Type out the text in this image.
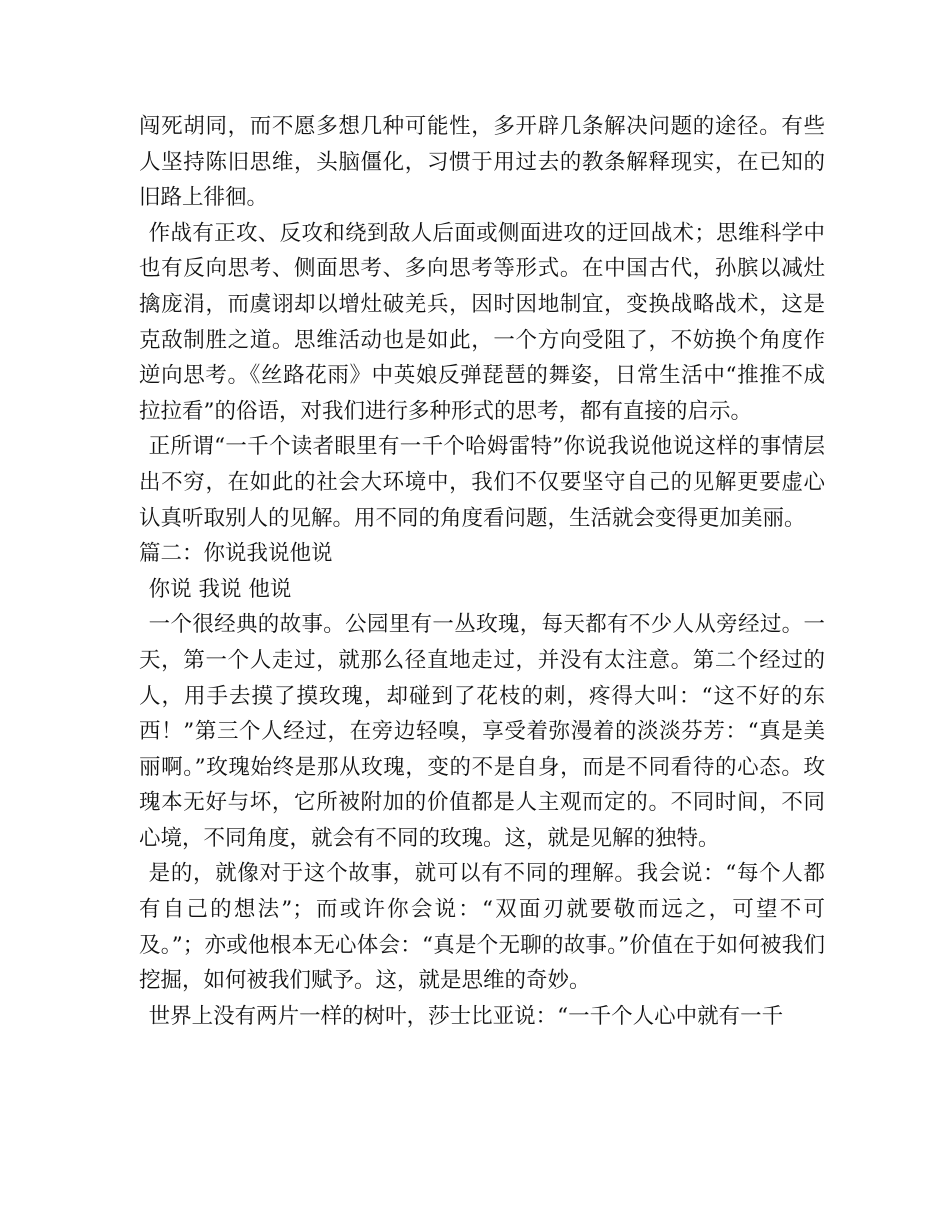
闯死胡同，而不愿多想几种可能性，多开辟几条解决问题的途径。有些人坚持陈旧思维，头脑僵化，习惯于用过去的教条解释现实，在已知的旧路上徘徊。

作战有正攻、反攻和绕到敌人后面或侧面进攻的迂回战术；思维科学中也有反向思考、侧面思考、多向思考等形式。在中国古代，孙膑以减灶擒庞涓，而虞诩却以增灶破羌兵，因时因地制宜，变换战略战术，这是克敌制胜之道。思维活动也是如此，一个方向受阻了，不妨换个角度作逆向思考。《丝路花雨》中英娘反弹琵琶的舞姿，日常生活中“推推不成拉拉看”的俗语，对我们进行多种形式的思考，都有直接的启示。

正所谓“一千个读者眼里有一千个哈姆雷特”你说我说他说这样的事情层出不穷，在如此的社会大环境中，我们不仅要坚守自己的见解更要虚心认真听取别人的见解。用不同的角度看问题，生活就会变得更加美丽。

篇二：你说我说他说

你说 我说 他说

一个很经典的故事。公园里有一丛玫瑰，每天都有不少人从旁经过。一天，第一个人走过，就那么径直地走过，并没有太注意。第二个经过的人，用手去摸了摸玫瑰，却碰到了花枝的刺，疼得大叫：“这不好的东西！”第三个人经过，在旁边轻嗅，享受着弥漫着的淡淡芬芳：“真是美丽啊。”玫瑰始终是那从玫瑰，变的不是自身，而是不同看待的心态。玫瑰本无好与坏，它所被附加的价值都是人主观而定的。不同时间，不同心境，不同角度，就会有不同的玫瑰。这，就是见解的独特。

是的，就像对于这个故事，就可以有不同的理解。我会说：“每个人都有自己的想法”；而或许你会说：“双面刃就要敬而远之，可望不可及。”；亦或他根本无心体会：“真是个无聊的故事。”价值在于如何被我们挖掘，如何被我们赋予。这，就是思维的奇妙。

世界上没有两片一样的树叶，莎士比亚说：“一千个人心中就有一千
